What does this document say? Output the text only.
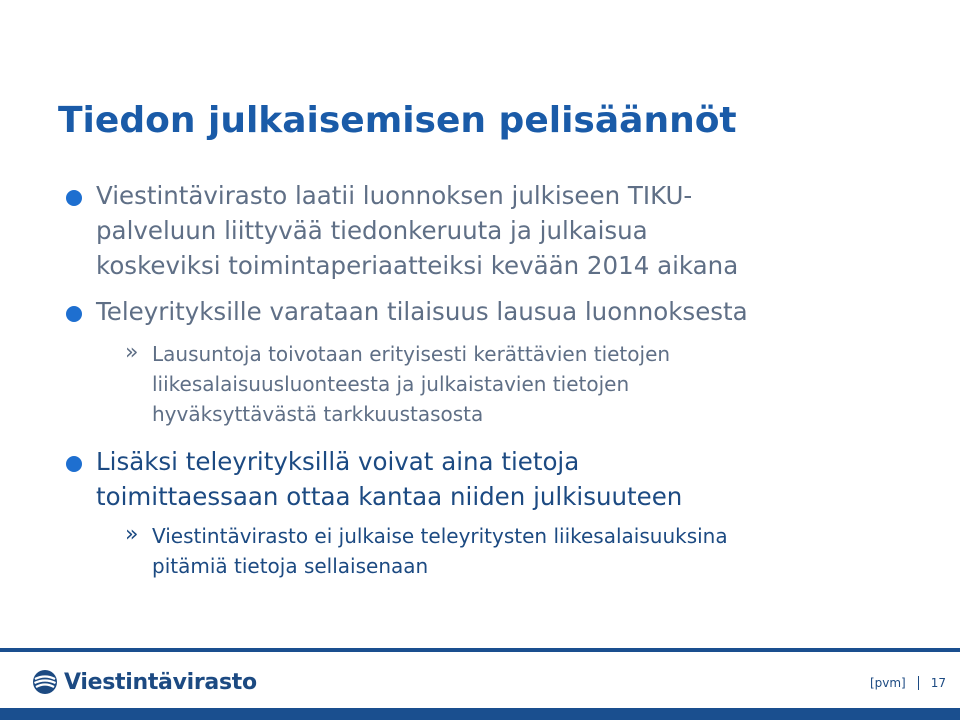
Tiedon julkaisemisen pelisäännöt
Viestintävirasto laatii luonnoksen julkiseen TIKU-
palveluun liittyvää tiedonkeruuta ja julkaisua
koskeviksi toimintaperiaatteiksi kevään 2014 aikana
Teleyrityksille varataan tilaisuus lausua luonnoksesta
» Lausuntoja toivotaan erityisesti kerättävien tietojen
liikesalaisuusluonteesta ja julkaistavien tietojen
hyväksyttävästä tarkkuustasosta
Lisäksi teleyrityksillä voivat aina tietoja
toimittaessaan ottaa kantaa niiden julkisuuteen
» Viestintävirasto ei julkaise teleyritysten liikesalaisuuksina
pitämiä tietoja sellaisenaan
Viestintävirasto	[pvm] 17
